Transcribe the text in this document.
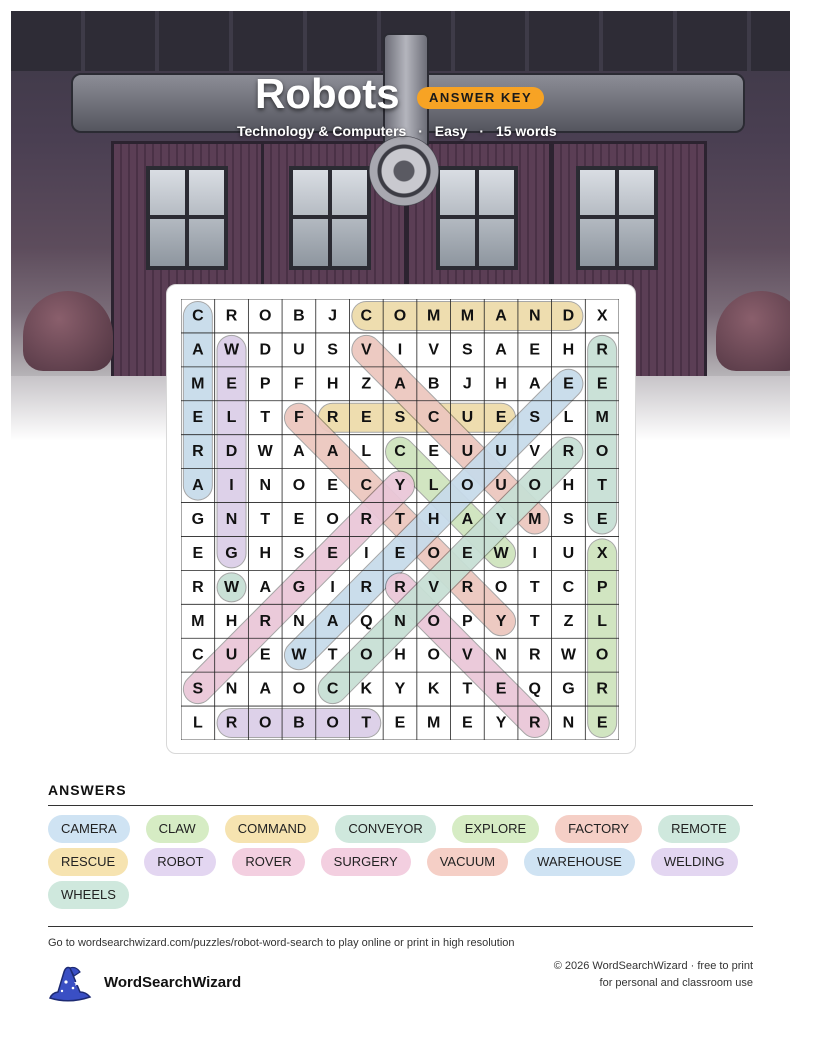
Robots	ANSWER KEY
Technology & Computers · Easy · 15 words
C R O B J C O M M A N D X
A W D U S V I V S A E H R
M E P F H Z A B J H A E E
E L T F R E S C U E S L M
R D W A A L C E U U V R O
A I N O E C Y L O U O H T
G N T E O R T H A Y M S E
E G H S E I E O E W I U X
R W A G I R R V R O T C P
M H R N A Q N O P Y T Z L
C U E W T O H O V N R W O
S N A O C K Y K T E Q G R
L R O B O T E M E Y R N E
ANSWERS
CAMERA	CLAW	COMMAND	CONVEYOR	EXPLORE	FACTORY	REMOTE
RESCUE	ROBOT	ROVER	SURGERY	VACUUM	WAREHOUSE	WELDING
WHEELS
Go to wordsearchwizard.com/puzzles/robot-word-search to play online or print in high resolution
WordSearchWizard
© 2026 WordSearchWizard · free to print for personal and classroom use
